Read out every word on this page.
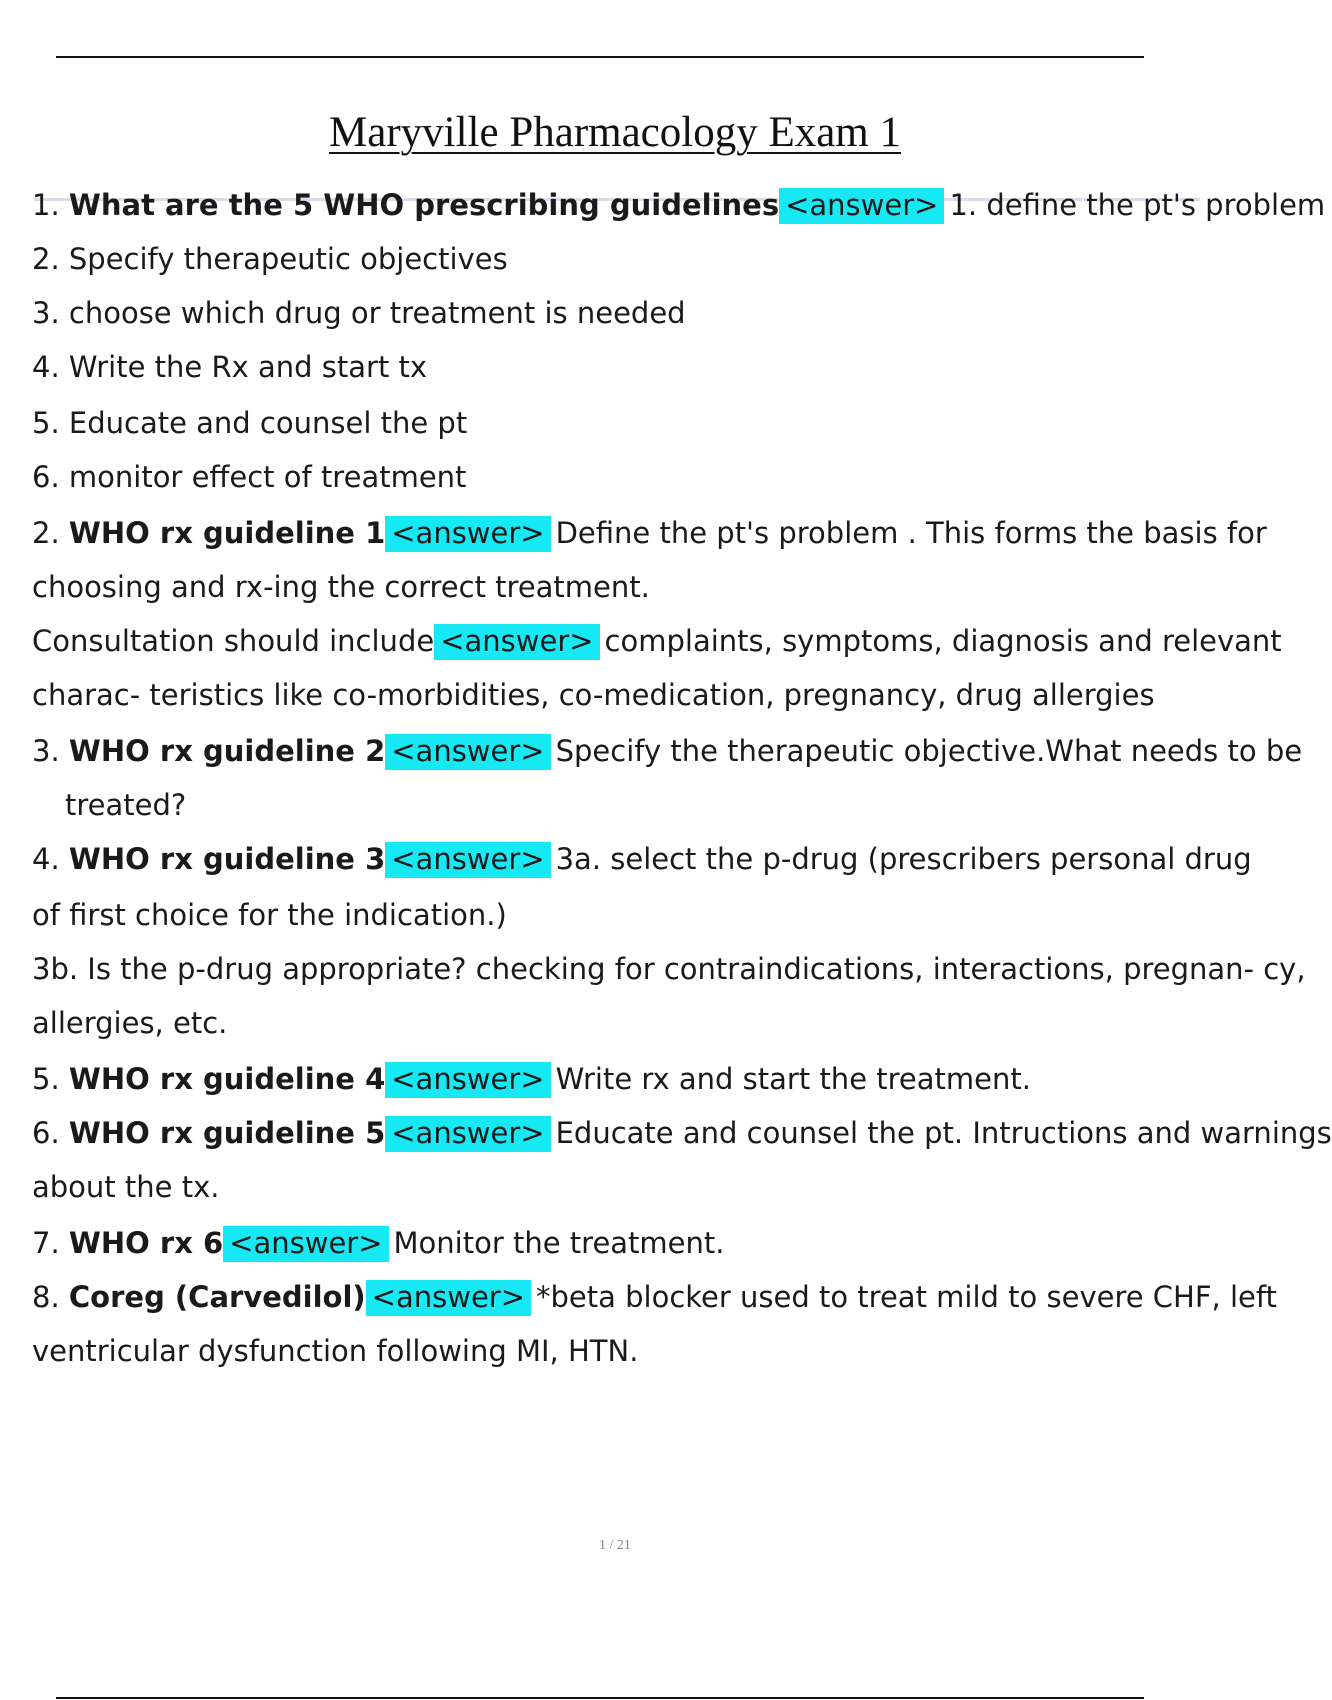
Maryville Pharmacology Exam 1
1. What are the 5 WHO prescribing guidelines <answer> 1. define the pt's problem
2. Specify therapeutic objectives
3. choose which drug or treatment is needed
4. Write the Rx and start tx
5. Educate and counsel the pt
6. monitor effect of treatment
2. WHO rx guideline 1 <answer> Define the pt's problem . This forms the basis for
choosing and rx-ing the correct treatment.
Consultation should include <answer> complaints, symptoms, diagnosis and relevant
charac- teristics like co-morbidities, co-medication, pregnancy, drug allergies
3. WHO rx guideline 2 <answer> Specify the therapeutic objective.What needs to be
treated?
4. WHO rx guideline 3 <answer> 3a. select the p-drug (prescribers personal drug
of first choice for the indication.)
3b. Is the p-drug appropriate? checking for contraindications, interactions, pregnan- cy,
allergies, etc.
5. WHO rx guideline 4 <answer> Write rx and start the treatment.
6. WHO rx guideline 5 <answer> Educate and counsel the pt. Intructions and warnings
about the tx.
7. WHO rx 6 <answer> Monitor the treatment.
8. Coreg (Carvedilol) <answer> *beta blocker used to treat mild to severe CHF, left
ventricular dysfunction following MI, HTN.
1 / 21
